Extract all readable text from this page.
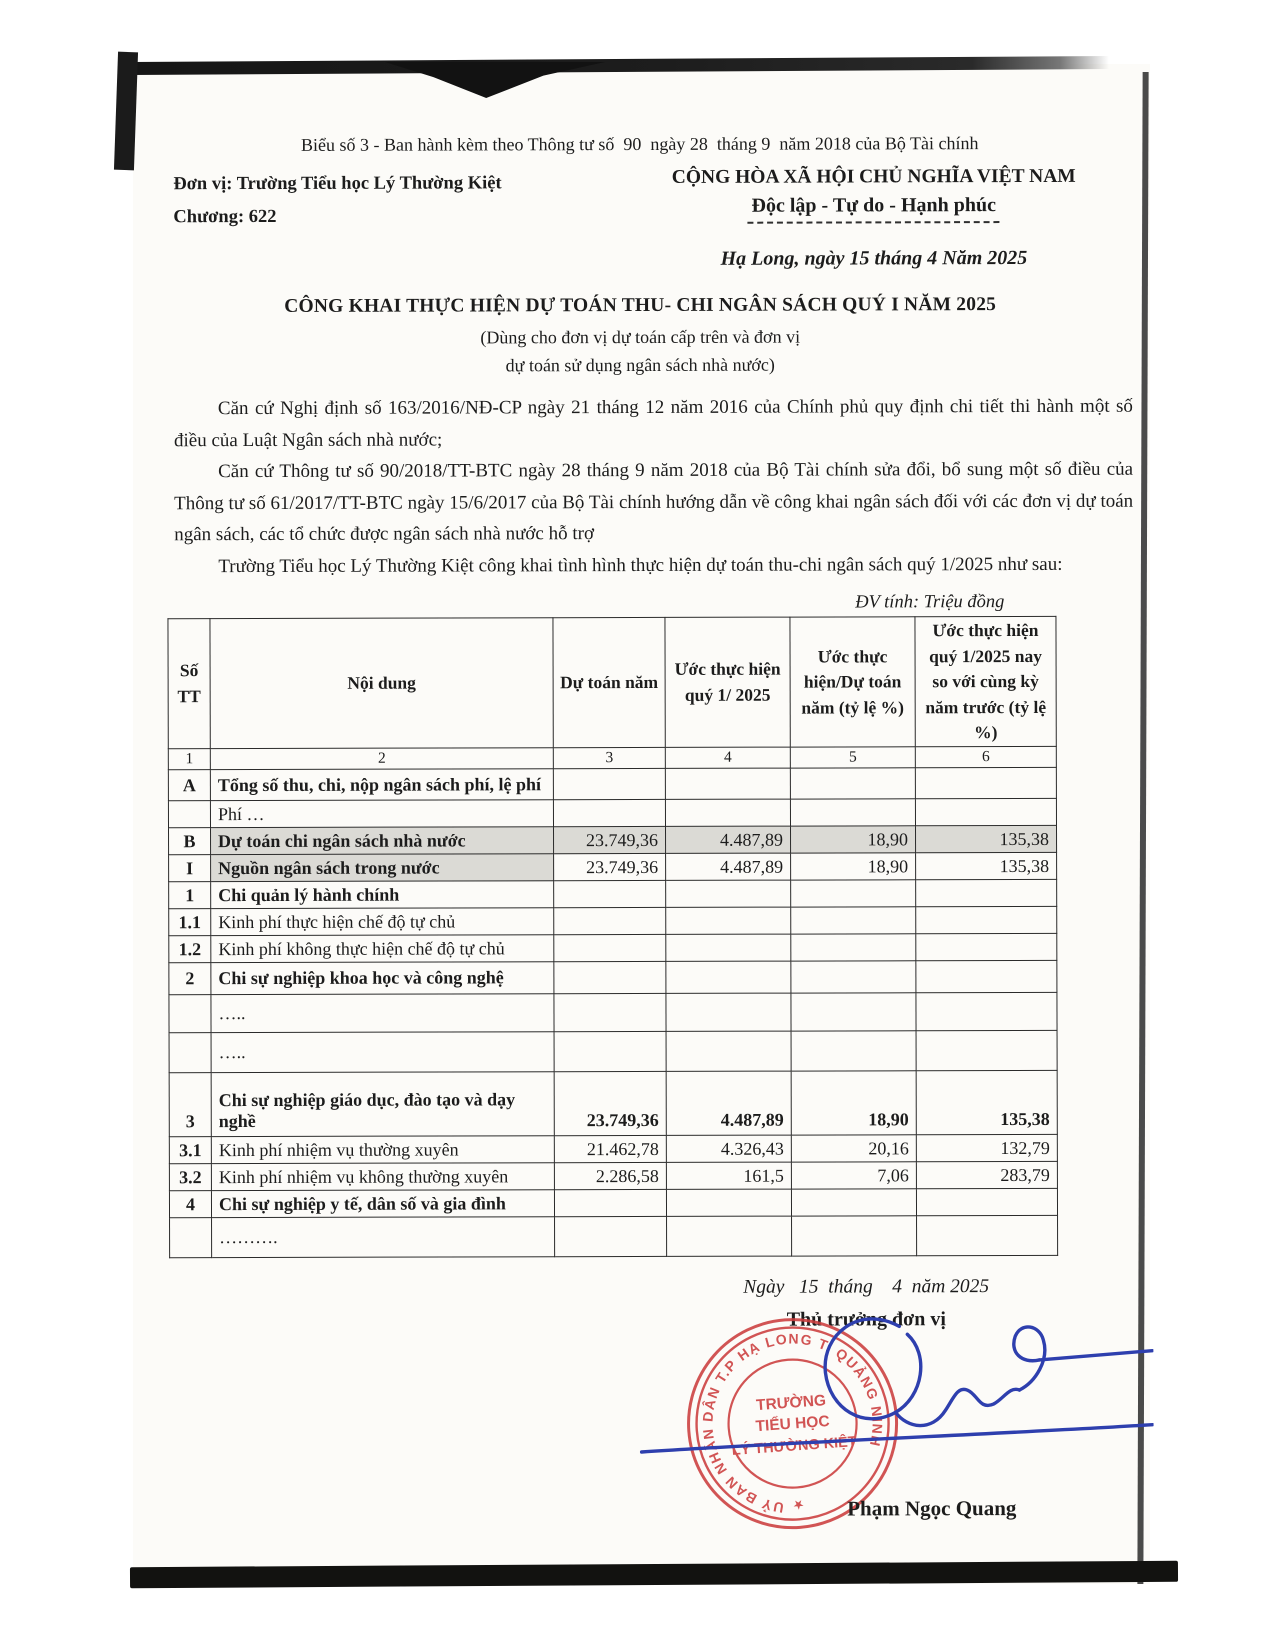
Biểu số 3 - Ban hành kèm theo Thông tư số  90  ngày 28  tháng 9  năm 2018 của Bộ Tài chính
Đơn vị: Trường Tiểu học Lý Thường Kiệt
Chương: 622
CỘNG HÒA XÃ HỘI CHỦ NGHĨA VIỆT NAM
Độc lập - Tự do - Hạnh phúc
Hạ Long, ngày 15 tháng 4 Năm 2025
CÔNG KHAI THỰC HIỆN DỰ TOÁN THU- CHI NGÂN SÁCH QUÝ I NĂM 2025
(Dùng cho đơn vị dự toán cấp trên và đơn vị
dự toán sử dụng ngân sách nhà nước)

Căn cứ Nghị định số 163/2016/NĐ-CP ngày 21 tháng 12 năm 2016 của Chính phủ quy định chi tiết thi hành một số điều của Luật Ngân sách nhà nước;

Căn cứ Thông tư số 90/2018/TT-BTC ngày 28 tháng 9 năm 2018 của Bộ Tài chính sửa đổi, bổ sung một số điều của Thông tư số 61/2017/TT-BTC ngày 15/6/2017 của Bộ Tài chính hướng dẫn về công khai ngân sách đối với các đơn vị dự toán ngân sách, các tổ chức được ngân sách nhà nước hỗ trợ

Trường Tiểu học Lý Thường Kiệt công khai tình hình thực hiện dự toán thu-chi ngân sách quý 1/2025 như sau:

ĐV tính: Triệu đồng
Số
TT	Nội dung	Dự toán năm	Ước thực hiện quý 1/ 2025	Ước thực hiện/Dự toán năm (tỷ lệ %)	Ước thực hiện quý 1/2025 nay so với cùng kỳ năm trước (tỷ lệ %)
1	2	3	4	5	6
A	Tổng số thu, chi, nộp ngân sách phí, lệ phí				
	Phí …				
B	Dự toán chi ngân sách nhà nước	23.749,36	4.487,89	18,90	135,38
I	Nguồn ngân sách trong nước	23.749,36	4.487,89	18,90	135,38
1	Chi quản lý hành chính				
1.1	Kinh phí thực hiện chế độ tự chủ				
1.2	Kinh phí không thực hiện chế độ tự chủ				
2	Chi sự nghiệp khoa học và công nghệ				
	…..				
	…..				
3	Chi sự nghiệp giáo dục, đào tạo và dạy nghề	23.749,36	4.487,89	18,90	135,38
3.1	Kinh phí nhiệm vụ thường xuyên	21.462,78	4.326,43	20,16	132,79
3.2	Kinh phí nhiệm vụ không thường xuyên	2.286,58	161,5	7,06	283,79
4	Chi sự nghiệp y tế, dân số và gia đình				
	……….				
Ngày   15  tháng    4  năm 2025
Thủ trưởng đơn vị
UỶ BAN NHÂN DÂN T.P HẠ LONG T. QUẢNG NINH
★
TRƯỜNG
TIỂU HỌC
LÝ THƯỜNG KIỆT
Phạm Ngọc Quang
